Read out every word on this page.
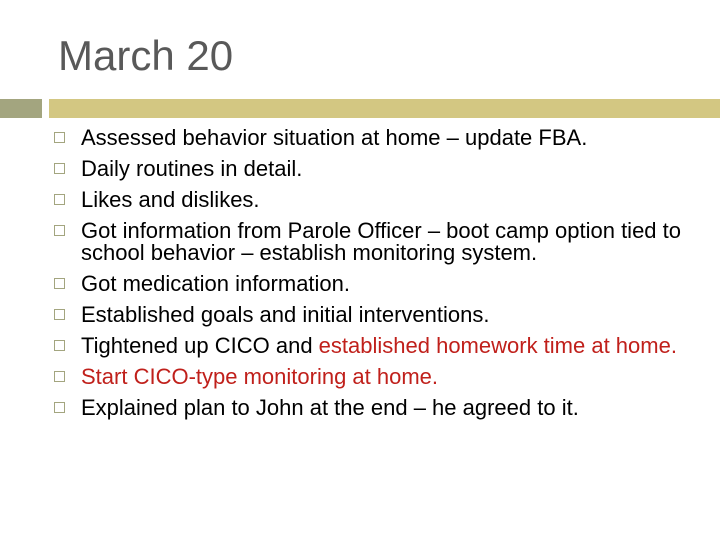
March 20
Assessed behavior situation at home – update FBA.
Daily routines in detail.
Likes and dislikes.
Got information from Parole Officer – boot camp option tied to school behavior – establish monitoring system.
Got medication information.
Established goals and initial interventions.
Tightened up CICO and established homework time at home.
Start CICO-type monitoring at home.
Explained plan to John at the end – he agreed to it.
